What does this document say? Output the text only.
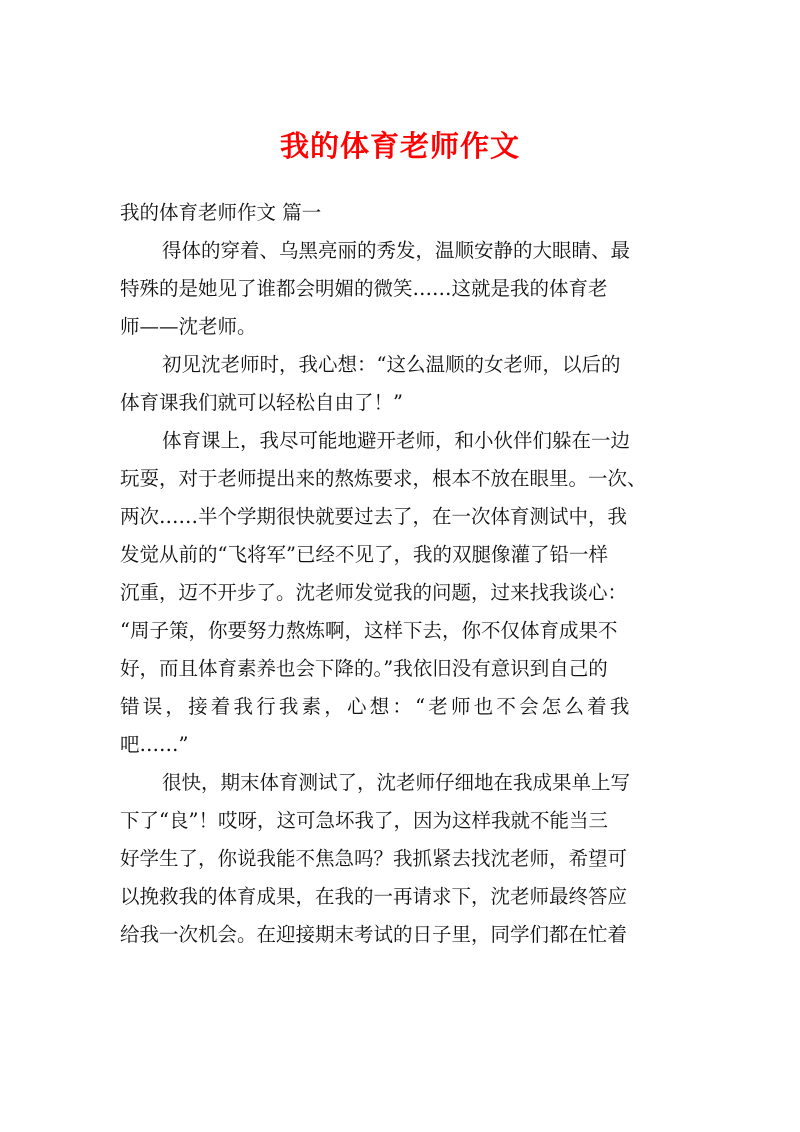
我的体育老师作文
我的体育老师作文 篇一
得体的穿着、乌黑亮丽的秀发，温顺安静的大眼睛、最
特殊的是她见了谁都会明媚的微笑……这就是我的体育老
师——沈老师。
初见沈老师时，我心想：“这么温顺的女老师，以后的
体育课我们就可以轻松自由了！”
体育课上，我尽可能地避开老师，和小伙伴们躲在一边
玩耍，对于老师提出来的熬炼要求，根本不放在眼里。一次、
两次……半个学期很快就要过去了，在一次体育测试中，我
发觉从前的“飞将军”已经不见了，我的双腿像灌了铅一样
沉重，迈不开步了。沈老师发觉我的问题，过来找我谈心：
“周子策，你要努力熬炼啊，这样下去，你不仅体育成果不
好，而且体育素养也会下降的。”我依旧没有意识到自己的
错误，接着我行我素，心想：“老师也不会怎么着我
吧……”
很快，期末体育测试了，沈老师仔细地在我成果单上写
下了“良”！哎呀，这可急坏我了，因为这样我就不能当三
好学生了，你说我能不焦急吗？我抓紧去找沈老师，希望可
以挽救我的体育成果，在我的一再请求下，沈老师最终答应
给我一次机会。在迎接期末考试的日子里，同学们都在忙着
